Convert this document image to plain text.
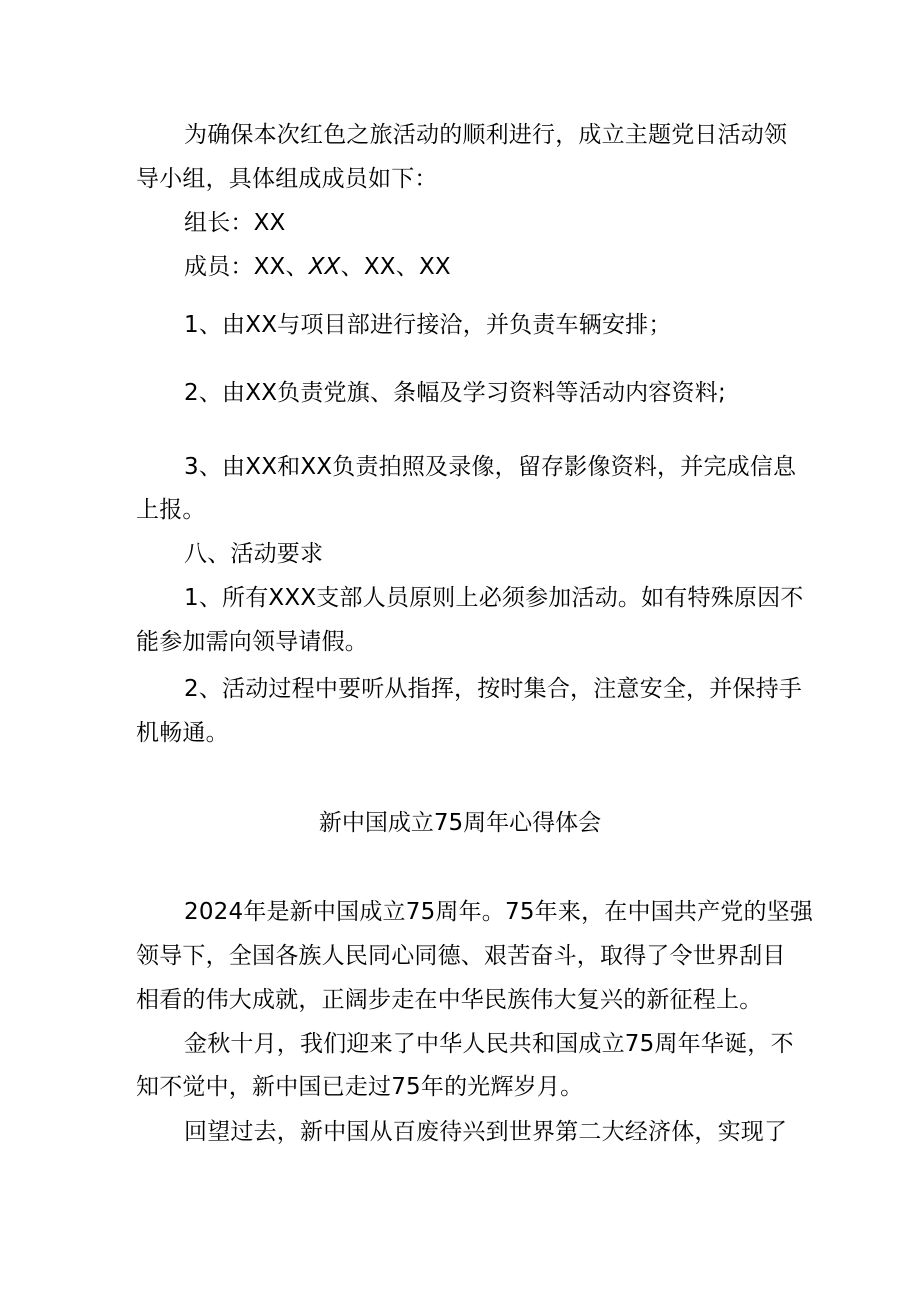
为确保本次红色之旅活动的顺利进行，成立主题党日活动领
导小组，具体组成成员如下：
组长：XX
成员：XX、XX、XX、XX
1、由XX与项目部进行接洽，并负责车辆安排；
2、由XX负责党旗、条幅及学习资料等活动内容资料;
3、由XX和XX负责拍照及录像，留存影像资料，并完成信息
上报。
八、活动要求
1、所有XXX支部人员原则上必须参加活动。如有特殊原因不
能参加需向领导请假。
2、活动过程中要听从指挥，按时集合，注意安全，并保持手
机畅通。
新中国成立75周年心得体会
2024年是新中国成立75周年。75年来，在中国共产党的坚强
领导下，全国各族人民同心同德、艰苦奋斗，取得了令世界刮目
相看的伟大成就，正阔步走在中华民族伟大复兴的新征程上。
金秋十月，我们迎来了中华人民共和国成立75周年华诞，不
知不觉中，新中国已走过75年的光辉岁月。
回望过去，新中国从百废待兴到世界第二大经济体，实现了
